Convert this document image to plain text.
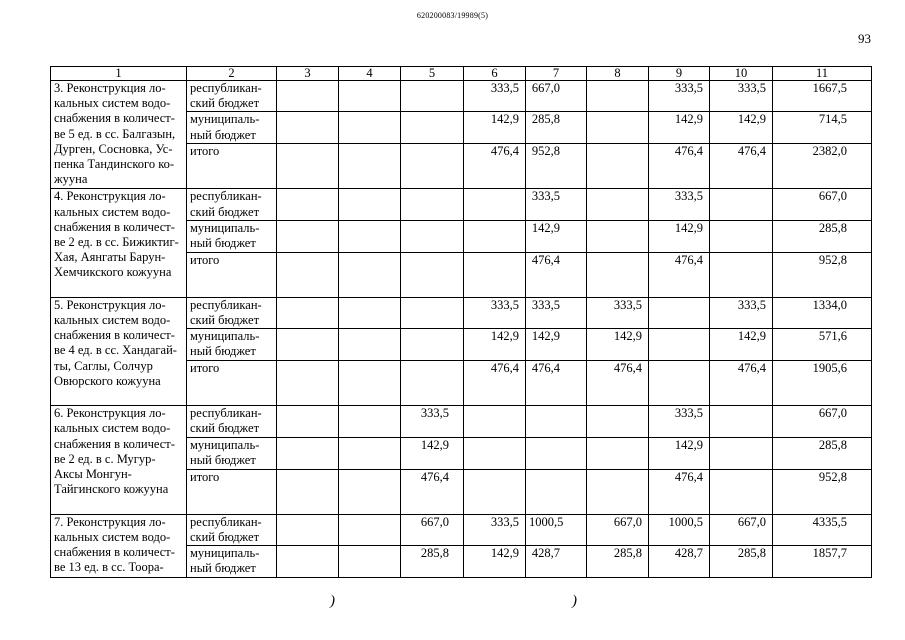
620200083/19989(5)
93
1	2	3	4	5	6	7	8	9	10	11
3. Реконструкция ло-кальных систем водо-снабжения в количест-ве 5 ед. в сс. Балгазын, Дурген, Сосновка, Ус-пенка Тандинского ко-жууна	республикан-ский бюджет				333,5	667,0		333,5	333,5	1667,5
	муниципаль-ный бюджет				142,9	285,8		142,9	142,9	714,5
	итого				476,4	952,8		476,4	476,4	2382,0
4. Реконструкция ло-кальных систем водо-снабжения в количест-ве 2 ед. в сс. Бижиктиг-Хая, Аянгаты Барун-Хемчикского кожууна	республикан-ский бюджет					333,5		333,5		667,0
	муниципаль-ный бюджет					142,9		142,9		285,8
	итого					476,4		476,4		952,8
5. Реконструкция ло-кальных систем водо-снабжения в количест-ве 4 ед. в сс. Хандагай-ты, Саглы, Солчур Овюрского кожууна	республикан-ский бюджет				333,5	333,5	333,5		333,5	1334,0
	муниципаль-ный бюджет				142,9	142,9	142,9		142,9	571,6
	итого				476,4	476,4	476,4		476,4	1905,6
6. Реконструкция ло-кальных систем водо-снабжения в количест-ве 2 ед. в с. Мугур-Аксы Монгун-Тайгинского кожууна	республикан-ский бюджет			333,5				333,5		667,0
	муниципаль-ный бюджет			142,9				142,9		285,8
	итого			476,4				476,4		952,8
7. Реконструкция ло-кальных систем водо-снабжения в количест-ве 13 ед. в сс. Тоора-	республикан-ский бюджет			667,0	333,5	1000,5	667,0	1000,5	667,0	4335,5
	муниципаль-ный бюджет			285,8	142,9	428,7	285,8	428,7	285,8	1857,7
)	)
